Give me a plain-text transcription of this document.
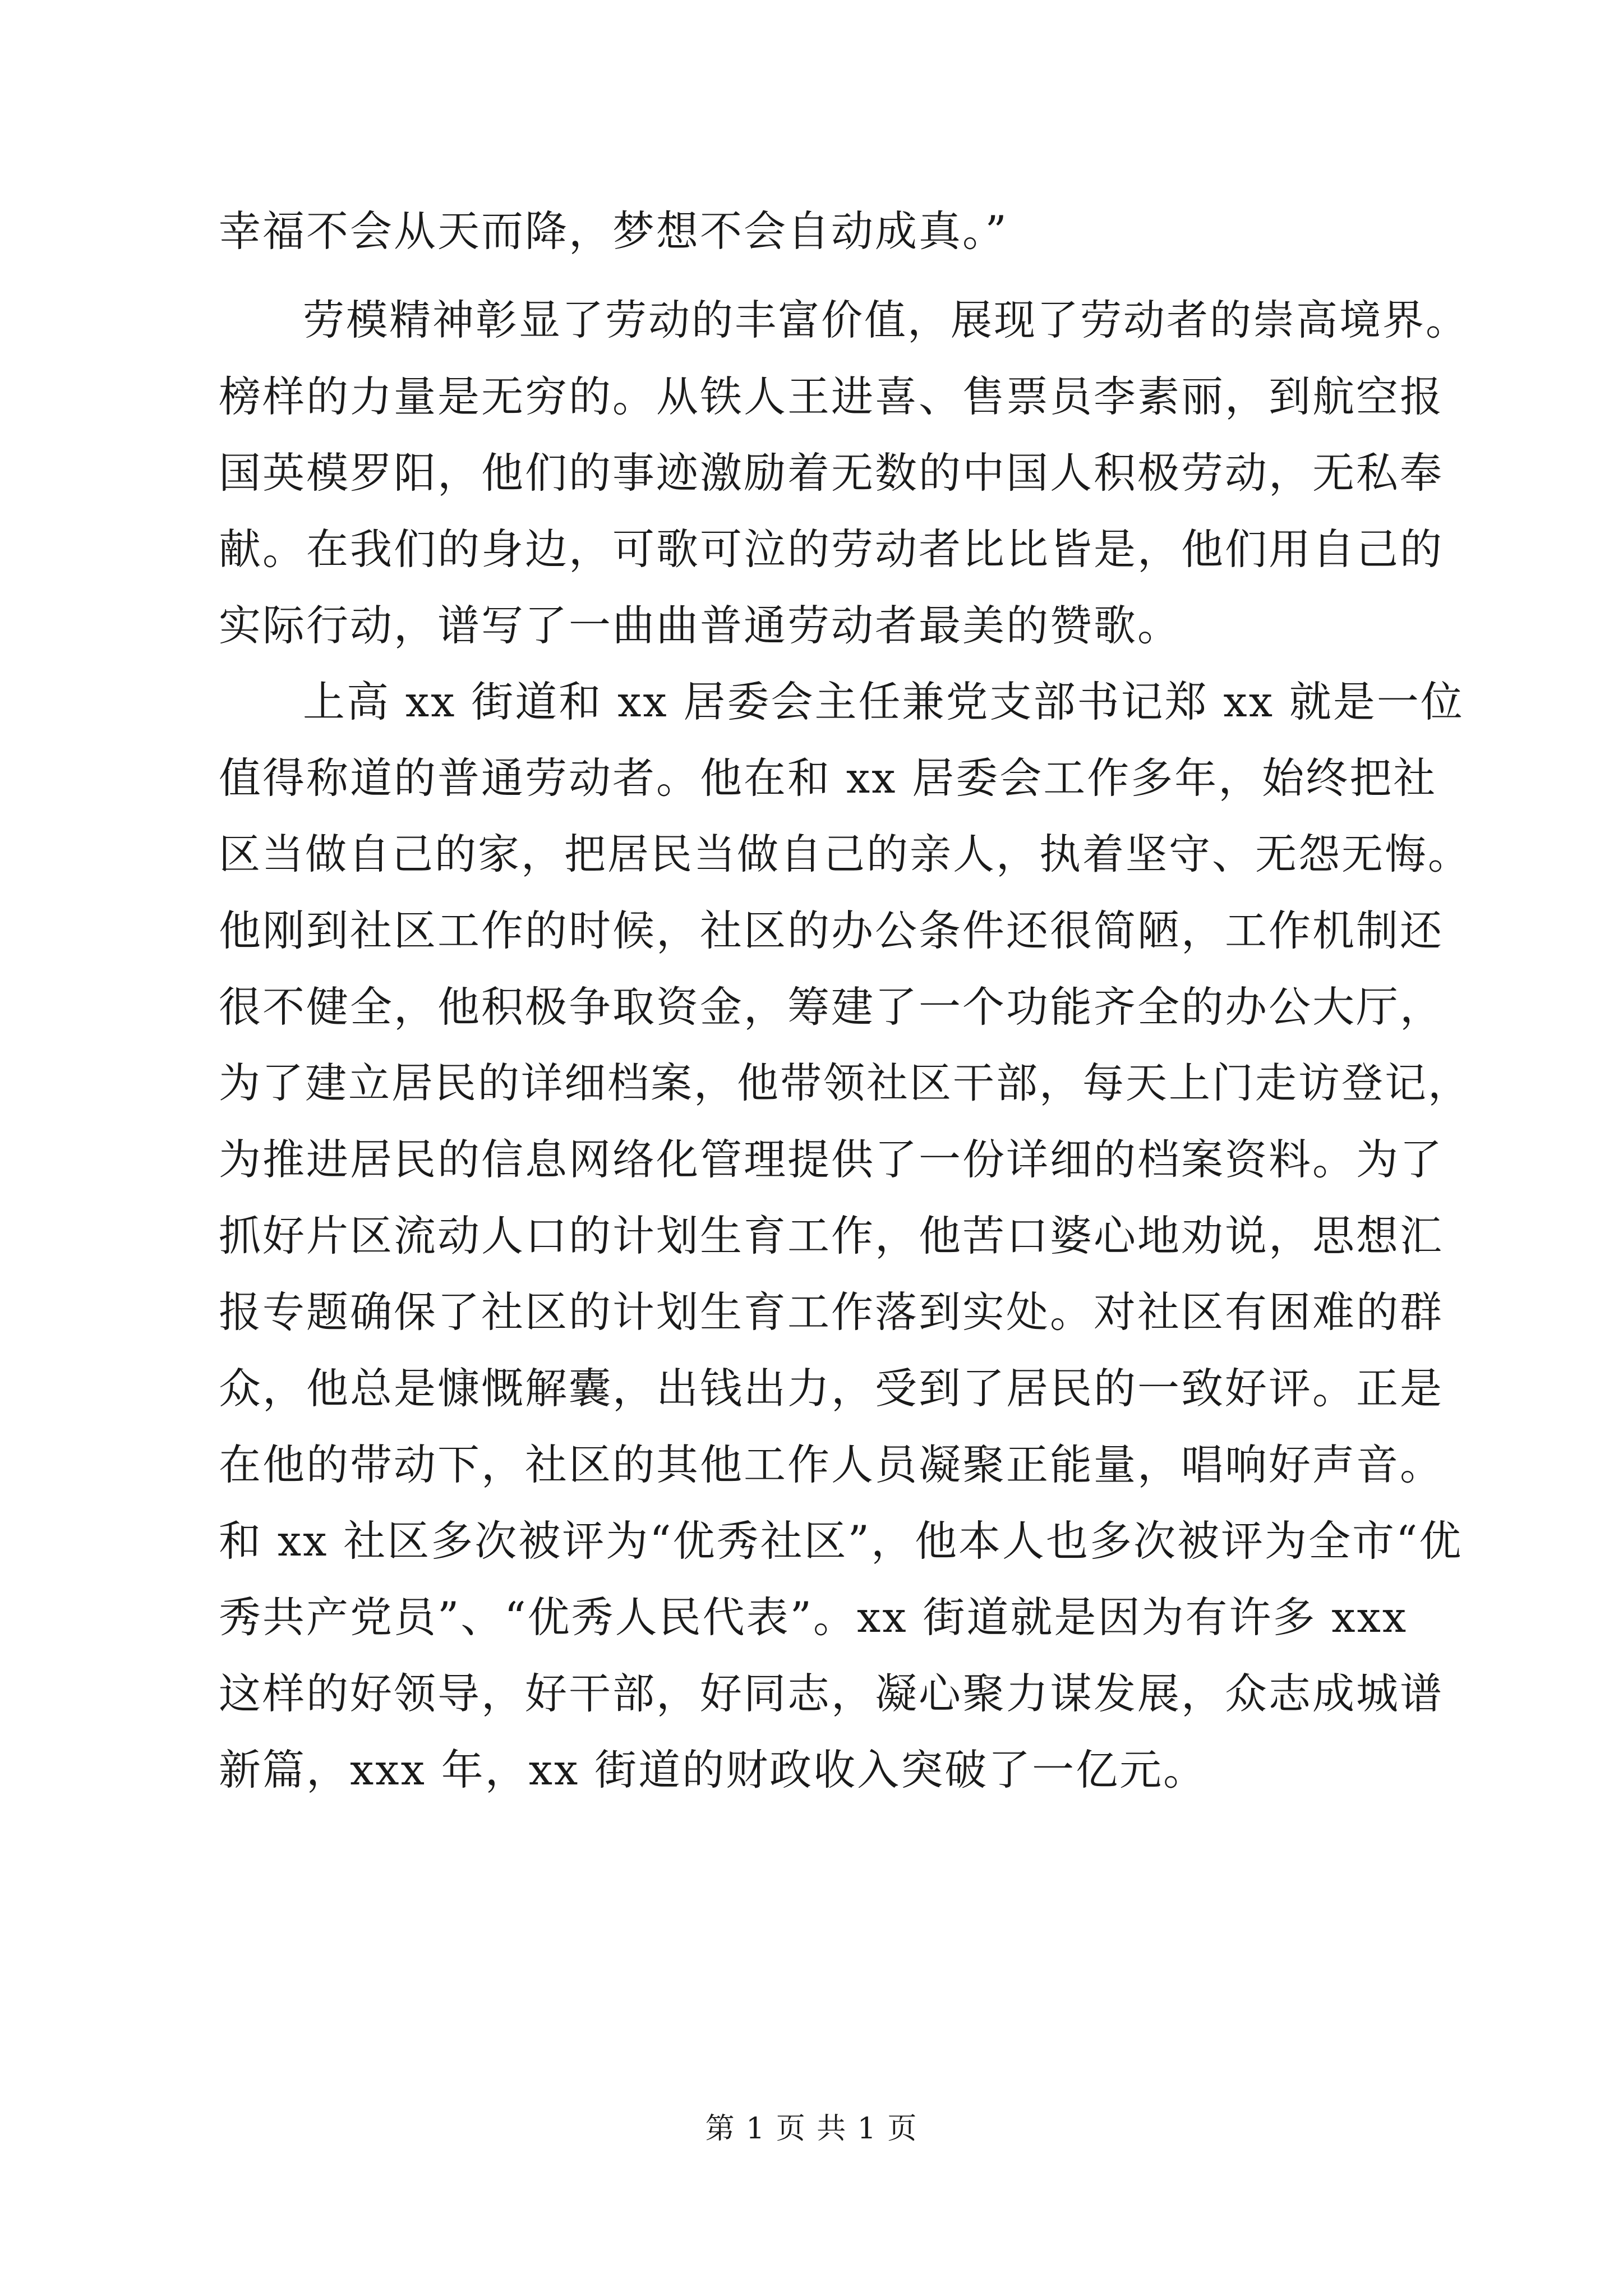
幸福不会从天而降，梦想不会自动成真。”
劳模精神彰显了劳动的丰富价值，展现了劳动者的崇高境界。
榜样的力量是无穷的。从铁人王进喜、售票员李素丽，到航空报
国英模罗阳，他们的事迹激励着无数的中国人积极劳动，无私奉
献。在我们的身边，可歌可泣的劳动者比比皆是，他们用自己的
实际行动，谱写了一曲曲普通劳动者最美的赞歌。
上高 xx 街道和 xx 居委会主任兼党支部书记郑 xx 就是一位
值得称道的普通劳动者。他在和 xx 居委会工作多年，始终把社
区当做自己的家，把居民当做自己的亲人，执着坚守、无怨无悔。
他刚到社区工作的时候，社区的办公条件还很简陋，工作机制还
很不健全，他积极争取资金，筹建了一个功能齐全的办公大厅，
为了建立居民的详细档案，他带领社区干部，每天上门走访登记，
为推进居民的信息网络化管理提供了一份详细的档案资料。为了
抓好片区流动人口的计划生育工作，他苦口婆心地劝说，思想汇
报专题确保了社区的计划生育工作落到实处。对社区有困难的群
众，他总是慷慨解囊，出钱出力，受到了居民的一致好评。正是
在他的带动下，社区的其他工作人员凝聚正能量，唱响好声音。
和 xx 社区多次被评为“优秀社区”，他本人也多次被评为全市“优
秀共产党员”、“优秀人民代表”。xx 街道就是因为有许多 xxx
这样的好领导，好干部，好同志，凝心聚力谋发展，众志成城谱
新篇，xxx 年，xx 街道的财政收入突破了一亿元。
第 1 页 共 1 页
